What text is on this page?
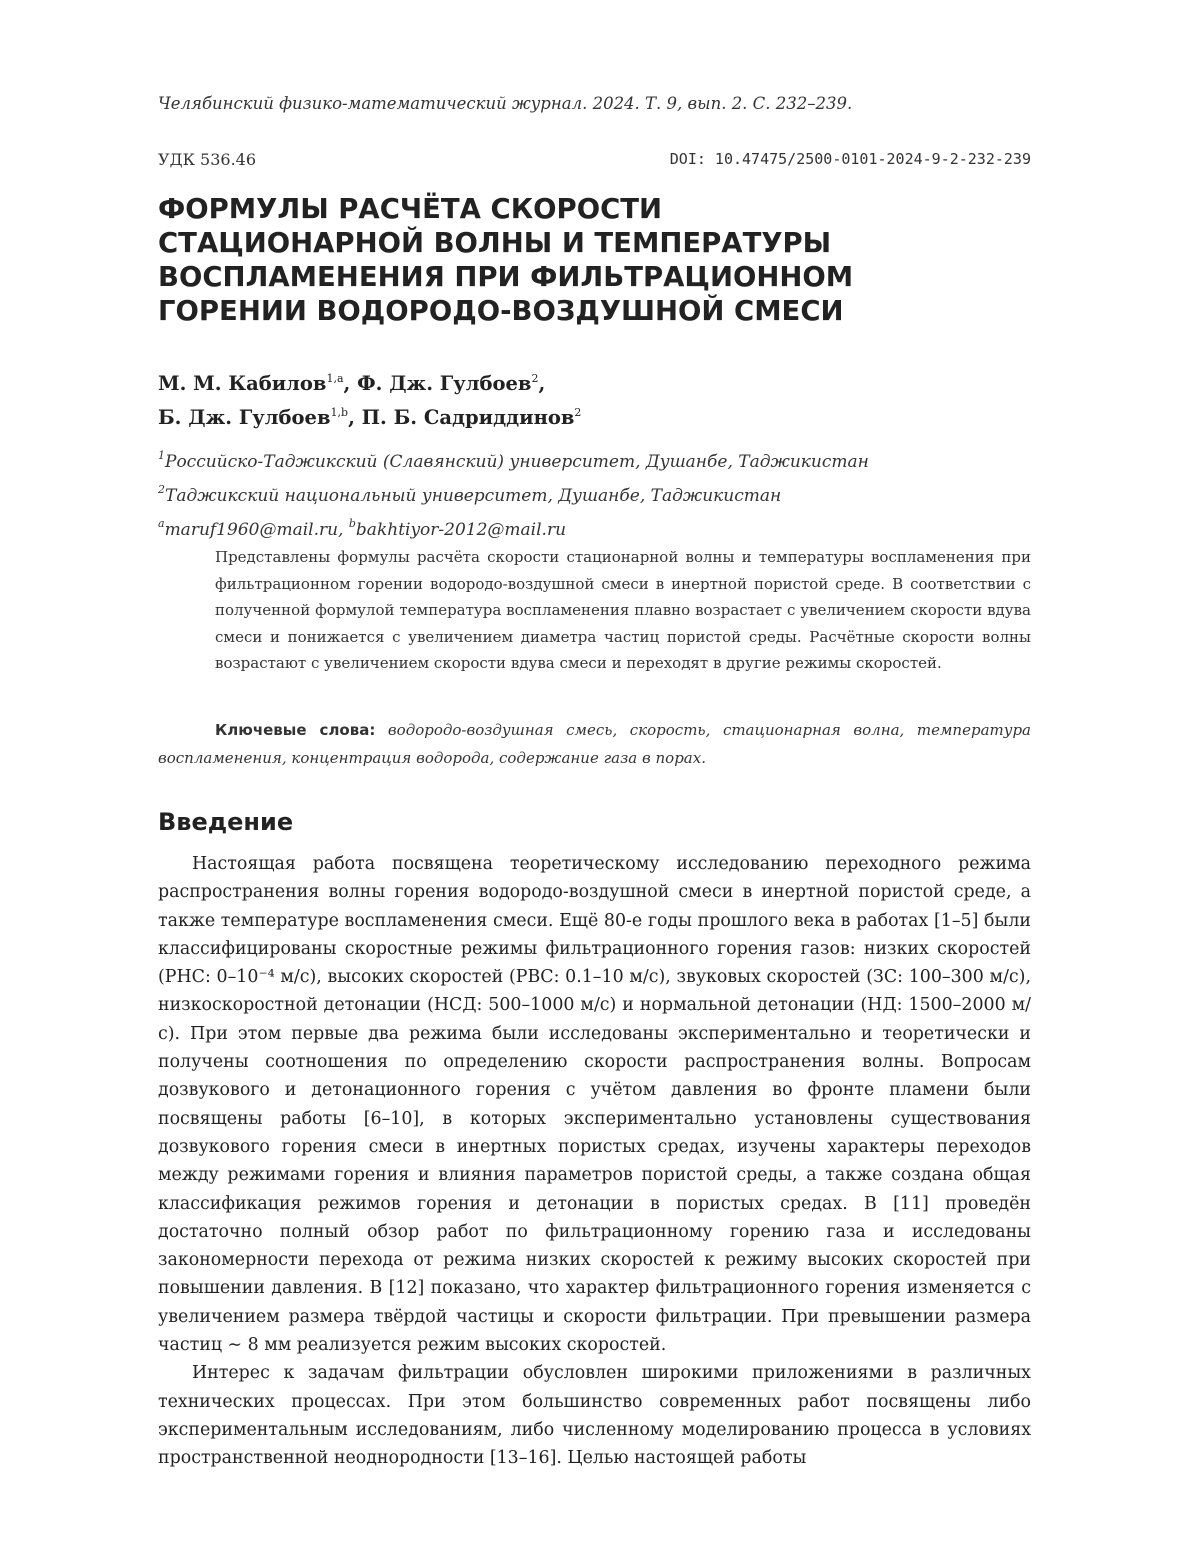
Челябинский физико-математический журнал. 2024. Т. 9, вып. 2. С. 232–239.
УДК 536.46	DOI: 10.47475/2500-0101-2024-9-2-232-239
ФОРМУЛЫ РАСЧЁТА СКОРОСТИ
СТАЦИОНАРНОЙ ВОЛНЫ И ТЕМПЕРАТУРЫ
ВОСПЛАМЕНЕНИЯ ПРИ ФИЛЬТРАЦИОННОМ
ГОРЕНИИ ВОДОРОДО-ВОЗДУШНОЙ СМЕСИ
М. М. Кабилов$^{1,a}$, Ф. Дж. Гулбоев$^2$,
Б. Дж. Гулбоев$^{1,b}$, П. Б. Садриддинов$^2$
$^1$Российско-Таджикский (Славянский) университет, Душанбе, Таджикистан
$^2$Таджикский национальный университет, Душанбе, Таджикистан
$^a$maruf1960@mail.ru, $^b$bakhtiyor-2012@mail.ru
Представлены формулы расчёта скорости стационарной волны и температуры воспламенения при фильтрационном горении водородо-воздушной смеси в инертной пористой среде. В соответствии с полученной формулой температура воспламенения плавно возрастает с увеличением скорости вдува смеси и понижается с увеличением диаметра частиц пористой среды. Расчётные скорости волны возрастают с увеличением скорости вдува смеси и переходят в другие режимы скоростей.
Ключевые слова: водородо-воздушная смесь, скорость, стационарная волна, температура воспламенения, концентрация водорода, содержание газа в порах.
Введение

Настоящая работа посвящена теоретическому исследованию переходного режима распространения волны горения водородо-воздушной смеси в инертной пористой среде, а также температуре воспламенения смеси. Ещё 80-е годы прошлого века в работах [1–5] были классифицированы скоростные режимы фильтрационного горения газов: низких скоростей (РНС: 0–10⁻⁴ м/с), высоких скоростей (РВС: 0.1–10 м/с), звуковых скоростей (ЗС: 100–300 м/с), низкоскоростной детонации (НСД: 500–1000 м/с) и нормальной детонации (НД: 1500–2000 м/с). При этом первые два режима были исследованы экспериментально и теоретически и получены соотношения по определению скорости распространения волны. Вопросам дозвукового и детонационного горения с учётом давления во фронте пламени были посвящены работы [6–10], в которых экспериментально установлены существования дозвукового горения смеси в инертных пористых средах, изучены характеры переходов между режимами горения и влияния параметров пористой среды, а также создана общая классификация режимов горения и детонации в пористых средах. В [11] проведён достаточно полный обзор работ по фильтрационному горению газа и исследованы закономерности перехода от режима низких скоростей к режиму высоких скоростей при повышении давления. В [12] показано, что характер фильтрационного горения изменяется с увеличением размера твёрдой частицы и скорости фильтрации. При превышении размера частиц ∼ 8 мм реализуется режим высоких скоростей.

Интерес к задачам фильтрации обусловлен широкими приложениями в различных технических процессах. При этом большинство современных работ посвящены либо экспериментальным исследованиям, либо численному моделированию процесса в условиях пространственной неоднородности [13–16]. Целью настоящей работы
